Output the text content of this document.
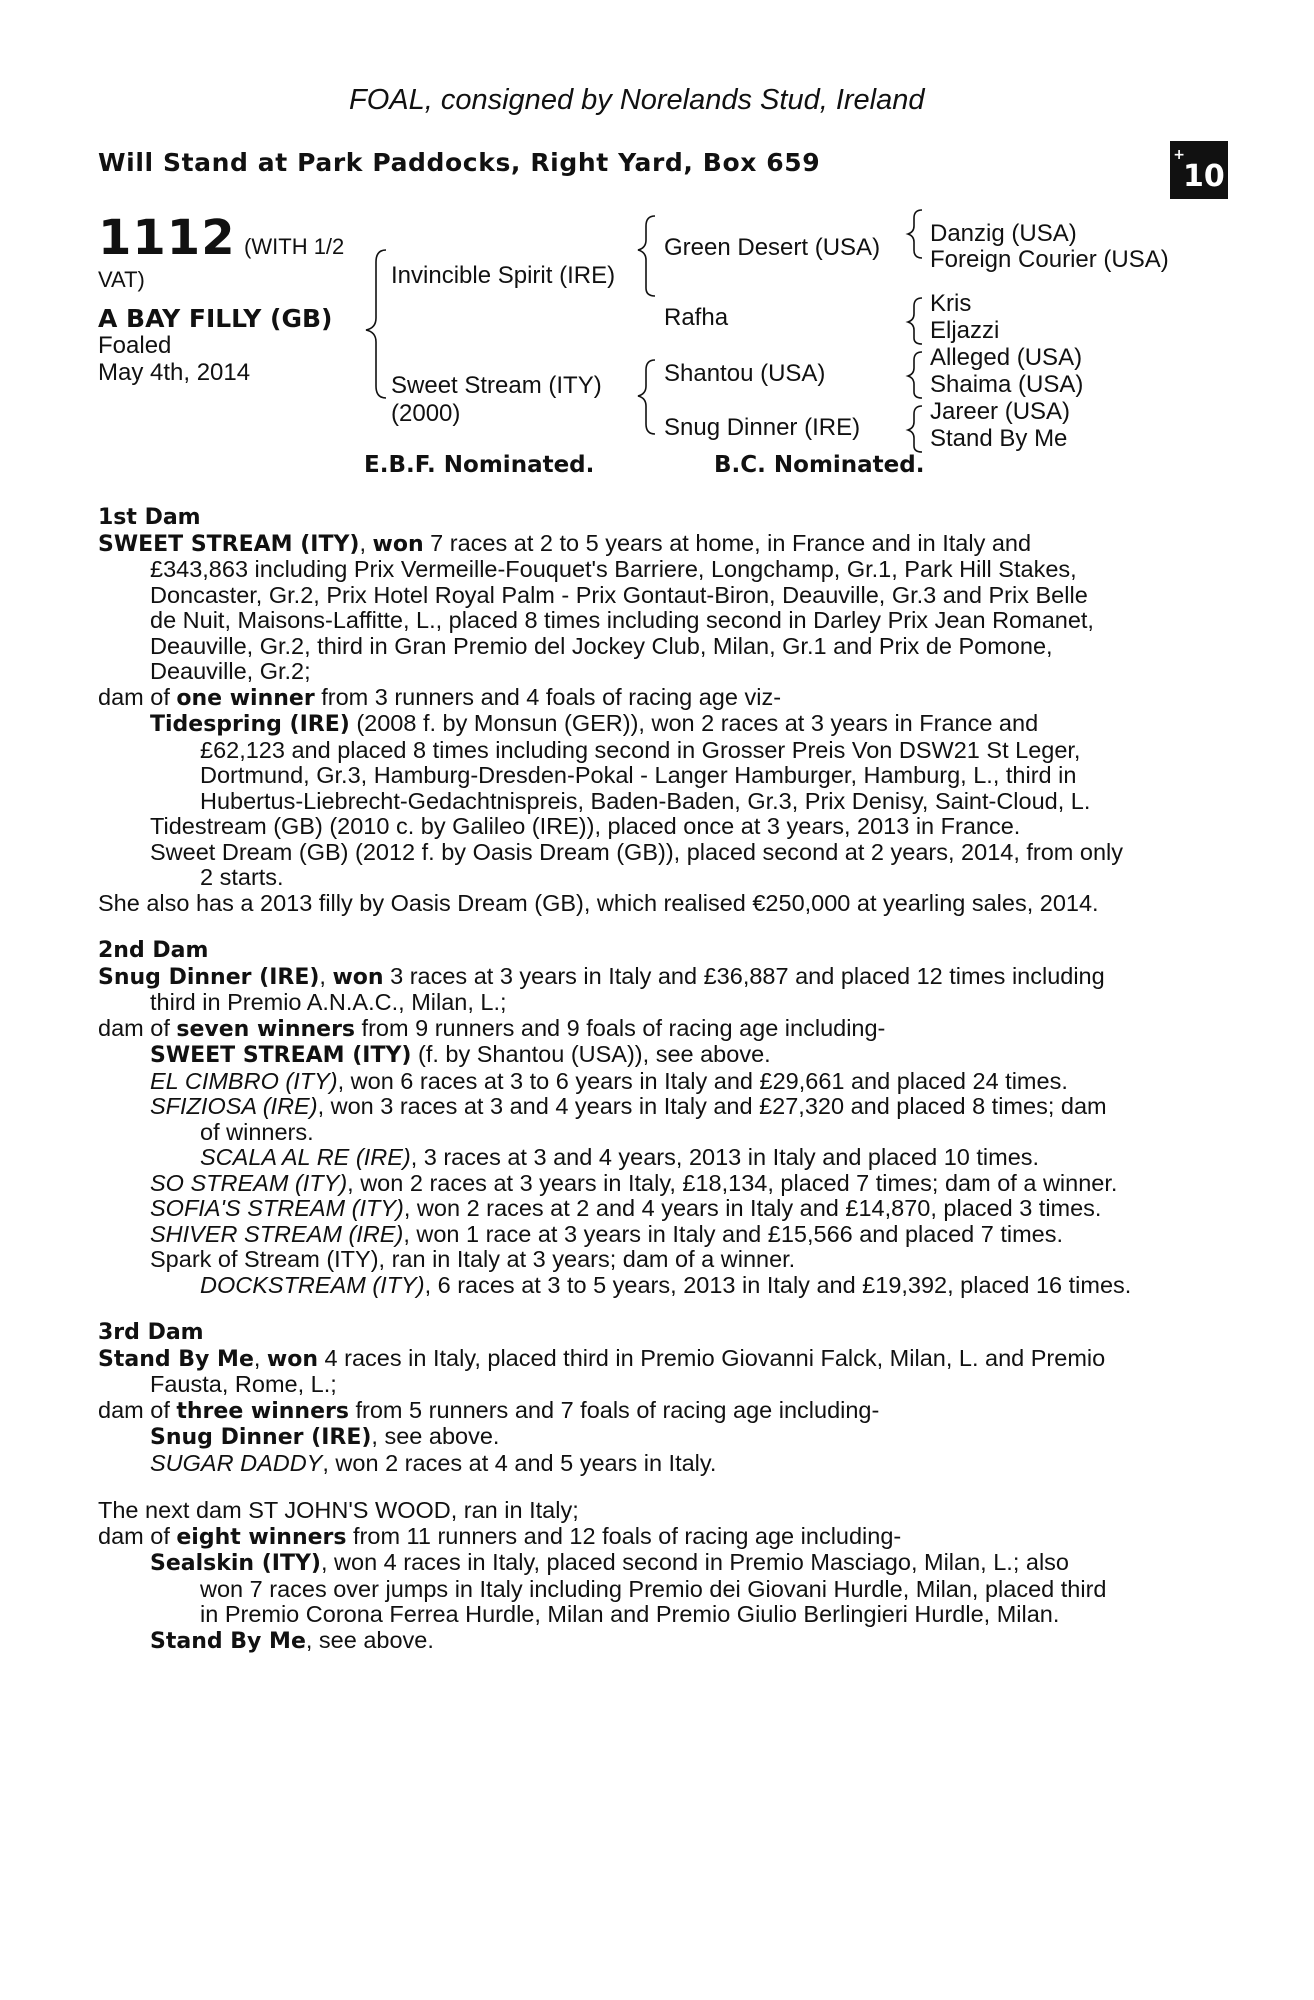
FOAL, consigned by Norelands Stud, Ireland
Will Stand at Park Paddocks, Right Yard, Box 659	+10
1112 (WITH 1/2
VAT)
A BAY FILLY (GB)
Foaled
May 4th, 2014
Invincible Spirit (IRE)
Sweet Stream (ITY)
(2000)
Green Desert (USA)
Rafha
Shantou (USA)
Snug Dinner (IRE)
Danzig (USA)
Foreign Courier (USA)
Kris
Eljazzi
Alleged (USA)
Shaima (USA)
Jareer (USA)
Stand By Me
E.B.F. Nominated.	B.C. Nominated.
1st Dam
SWEET STREAM (ITY), won 7 races at 2 to 5 years at home, in France and in Italy and
£343,863 including Prix Vermeille-Fouquet's Barriere, Longchamp, Gr.1, Park Hill Stakes,
Doncaster, Gr.2, Prix Hotel Royal Palm - Prix Gontaut-Biron, Deauville, Gr.3 and Prix Belle
de Nuit, Maisons-Laffitte, L., placed 8 times including second in Darley Prix Jean Romanet,
Deauville, Gr.2, third in Gran Premio del Jockey Club, Milan, Gr.1 and Prix de Pomone,
Deauville, Gr.2;
dam of one winner from 3 runners and 4 foals of racing age viz-
Tidespring (IRE) (2008 f. by Monsun (GER)), won 2 races at 3 years in France and
£62,123 and placed 8 times including second in Grosser Preis Von DSW21 St Leger,
Dortmund, Gr.3, Hamburg-Dresden-Pokal - Langer Hamburger, Hamburg, L., third in
Hubertus-Liebrecht-Gedachtnispreis, Baden-Baden, Gr.3, Prix Denisy, Saint-Cloud, L.
Tidestream (GB) (2010 c. by Galileo (IRE)), placed once at 3 years, 2013 in France.
Sweet Dream (GB) (2012 f. by Oasis Dream (GB)), placed second at 2 years, 2014, from only
2 starts.
She also has a 2013 filly by Oasis Dream (GB), which realised €250,000 at yearling sales, 2014.
2nd Dam
Snug Dinner (IRE), won 3 races at 3 years in Italy and £36,887 and placed 12 times including
third in Premio A.N.A.C., Milan, L.;
dam of seven winners from 9 runners and 9 foals of racing age including-
SWEET STREAM (ITY) (f. by Shantou (USA)), see above.
EL CIMBRO (ITY), won 6 races at 3 to 6 years in Italy and £29,661 and placed 24 times.
SFIZIOSA (IRE), won 3 races at 3 and 4 years in Italy and £27,320 and placed 8 times; dam
of winners.
SCALA AL RE (IRE), 3 races at 3 and 4 years, 2013 in Italy and placed 10 times.
SO STREAM (ITY), won 2 races at 3 years in Italy, £18,134, placed 7 times; dam of a winner.
SOFIA'S STREAM (ITY), won 2 races at 2 and 4 years in Italy and £14,870, placed 3 times.
SHIVER STREAM (IRE), won 1 race at 3 years in Italy and £15,566 and placed 7 times.
Spark of Stream (ITY), ran in Italy at 3 years; dam of a winner.
DOCKSTREAM (ITY), 6 races at 3 to 5 years, 2013 in Italy and £19,392, placed 16 times.
3rd Dam
Stand By Me, won 4 races in Italy, placed third in Premio Giovanni Falck, Milan, L. and Premio
Fausta, Rome, L.;
dam of three winners from 5 runners and 7 foals of racing age including-
Snug Dinner (IRE), see above.
SUGAR DADDY, won 2 races at 4 and 5 years in Italy.
The next dam ST JOHN'S WOOD, ran in Italy;
dam of eight winners from 11 runners and 12 foals of racing age including-
Sealskin (ITY), won 4 races in Italy, placed second in Premio Masciago, Milan, L.; also
won 7 races over jumps in Italy including Premio dei Giovani Hurdle, Milan, placed third
in Premio Corona Ferrea Hurdle, Milan and Premio Giulio Berlingieri Hurdle, Milan.
Stand By Me, see above.
